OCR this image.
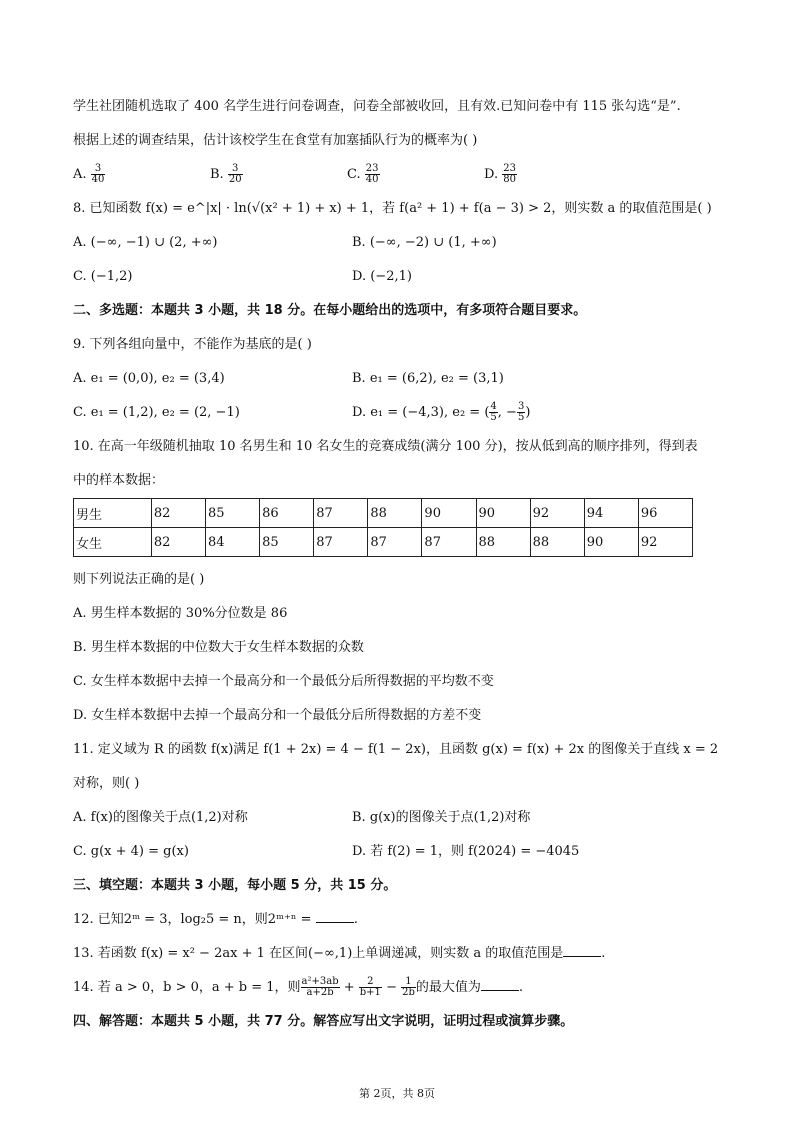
学生社团随机选取了 400 名学生进行问卷调查，问卷全部被收回，且有效.已知问卷中有 115 张勾选“是”.
根据上述的调查结果，估计该校学生在食堂有加塞插队行为的概率为( )
A. $\frac{3}{40}$	B. $\frac{3}{20}$	C. $\frac{23}{40}$	D. $\frac{23}{80}$
8. 已知函数 f(x) = e^|x| · ln(√(x² + 1) + x) + 1，若 f(a² + 1) + f(a − 3) > 2，则实数 a 的取值范围是( )
A. (−∞, −1) ∪ (2, +∞)	B. (−∞, −2) ∪ (1, +∞)
C. (−1,2)	D. (−2,1)
二、多选题：本题共 3 小题，共 18 分。在每小题给出的选项中，有多项符合题目要求。
9. 下列各组向量中，不能作为基底的是( )
A. e₁ = (0,0), e₂ = (3,4)	B. e₁ = (6,2), e₂ = (3,1)
C. e₁ = (1,2), e₂ = (2, −1)	D. e₁ = (−4,3), e₂ = ( $\frac{4}{5}$ , − $\frac{3}{5}$ )
10. 在高一年级随机抽取 10 名男生和 10 名女生的竞赛成绩(满分 100 分)，按从低到高的顺序排列，得到表
中的样本数据：
男生	82	85	86	87	88	90	90	92	94	96
女生	82	84	85	87	87	87	88	88	90	92
则下列说法正确的是( )
A. 男生样本数据的 30%分位数是 86
B. 男生样本数据的中位数大于女生样本数据的众数
C. 女生样本数据中去掉一个最高分和一个最低分后所得数据的平均数不变
D. 女生样本数据中去掉一个最高分和一个最低分后所得数据的方差不变
11. 定义域为 R 的函数 f(x)满足 f(1 + 2x) = 4 − f(1 − 2x)，且函数 g(x) = f(x) + 2x 的图像关于直线 x = 2
对称，则( )
A. f(x)的图像关于点(1,2)对称	B. g(x)的图像关于点(1,2)对称
C. g(x + 4) = g(x)	D. 若 f(2) = 1，则 f(2024) = −4045
三、填空题：本题共 3 小题，每小题 5 分，共 15 分。
12. 已知2ᵐ = 3，log₂5 = n，则2ᵐ⁺ⁿ =	.
13. 若函数 f(x) = x² − 2ax + 1 在区间(−∞,1)上单调递减，则实数 a 的取值范围是	.
14. 若 a > 0，b > 0，a + b = 1，则 $\frac{\text{a²+3ab}}{a+2b} + \frac{2}{b+1} - \frac{1}{2b}$ 的最大值为	.
四、解答题：本题共 5 小题，共 77 分。解答应写出文字说明，证明过程或演算步骤。
第 2页，共 8页
